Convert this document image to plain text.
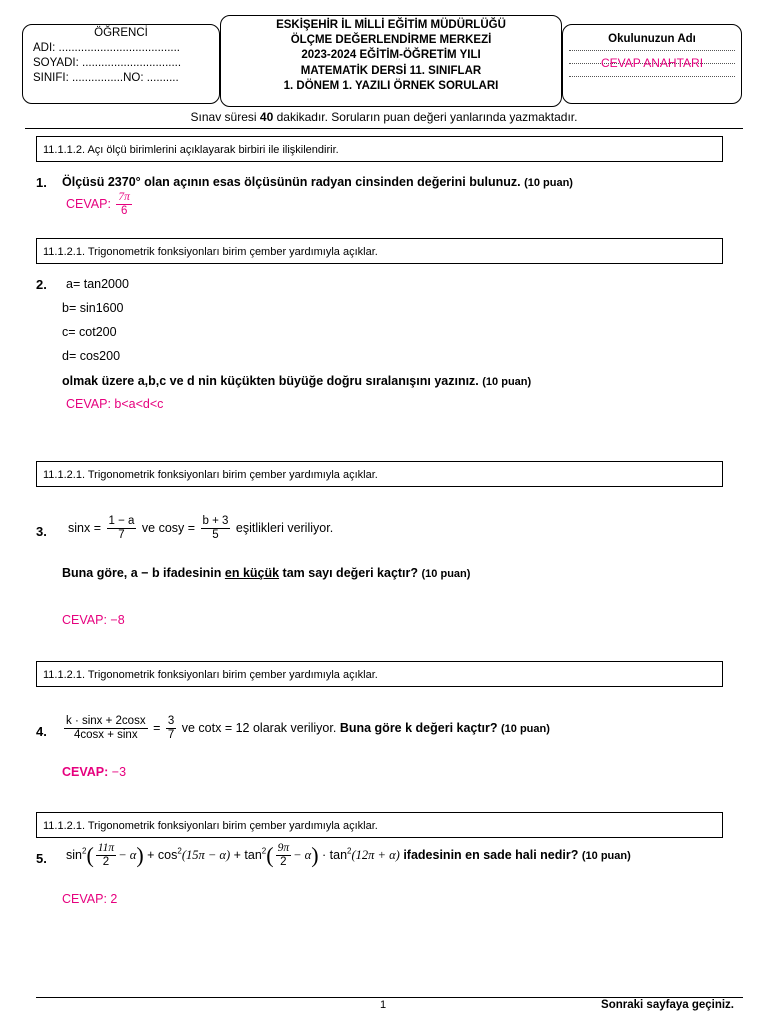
ÖĞRENCİ
ADI: ......................................
SOYADI: ...............................
SINIFI: ................NO: ..........
ESKİŞEHİR İL MİLLİ EĞİTİM MÜDÜRLÜĞÜ
ÖLÇME DEĞERLENDİRME MERKEZİ
2023-2024 EĞİTİM-ÖĞRETİM YILI
MATEMATİK DERSİ 11. SINIFLAR
1. DÖNEM 1. YAZILI ÖRNEK SORULARI
Okulunuzun Adı
CEVAP ANAHTARI
Sınav süresi 40 dakikadır. Soruların puan değeri yanlarında yazmaktadır.
11.1.1.2. Açı ölçü birimlerini açıklayarak birbiri ile ilişkilendirir.
1. Ölçüsü 2370° olan açının esas ölçüsünün radyan cinsinden değerini bulunuz. (10 puan)
CEVAP: $\frac{7\pi}{6}$
11.1.2.1. Trigonometrik fonksiyonları birim çember yardımıyla açıklar.
2. a= tan2000
b= sin1600
c= cot200
d= cos200
olmak üzere a,b,c ve d nin küçükten büyüğe doğru sıralanışını yazınız. (10 puan)
CEVAP: b<a<d<c
11.1.2.1. Trigonometrik fonksiyonları birim çember yardımıyla açıklar.
3. $\sin x = \frac{1 - a}{7}$ ve $\cos y = \frac{b + 3}{5}$ eşitlikleri veriliyor.
Buna göre, a − b ifadesinin en küçük tam sayı değeri kaçtır? (10 puan)
CEVAP: −8
11.1.2.1. Trigonometrik fonksiyonları birim çember yardımıyla açıklar.
4. $\frac{k \cdot \sin x + 2\cos x}{4\cos x + \sin x} = \frac{3}{7}$ ve cotx = 12 olarak veriliyor. Buna göre k değeri kaçtır? (10 puan)
CEVAP: −3
11.1.2.1. Trigonometrik fonksiyonları birim çember yardımıyla açıklar.
5. $\sin^2( \frac{11\pi}{2} - \alpha) + \cos^2(15\pi - \alpha) + \tan^2( \frac{9\pi}{2} - \alpha) \cdot \tan^2(12\pi + \alpha)$ ifadesinin en sade hali nedir? (10 puan)
CEVAP: 2
1	Sonraki sayfaya geçiniz.
